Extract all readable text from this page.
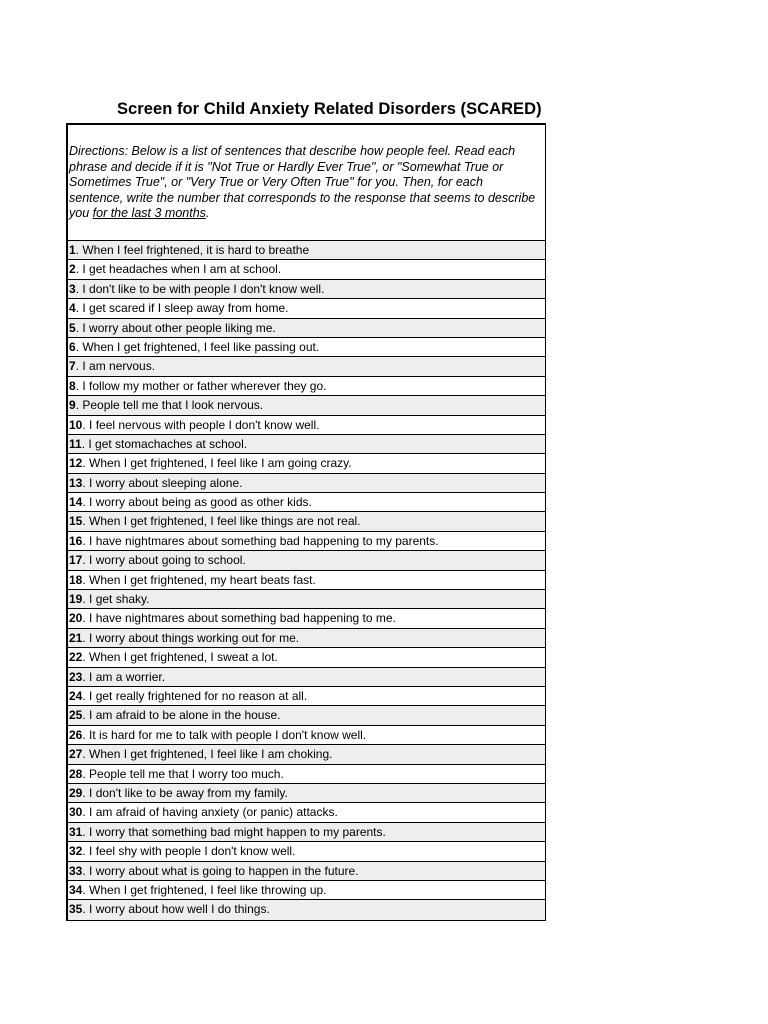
Screen for Child Anxiety Related Disorders (SCARED)
Directions: Below is a list of sentences that describe how people feel. Read each phrase and decide if it is "Not True or Hardly Ever True", or "Somewhat True or Sometimes True", or "Very True or Very Often True" for you. Then, for each sentence, write the number that corresponds to the response that seems to describe you for the last 3 months.
1. When I feel frightened, it is hard to breathe
2. I get headaches when I am at school.
3. I don't like to be with people I don't know well.
4. I get scared if I sleep away from home.
5. I worry about other people liking me.
6. When I get frightened, I feel like passing out.
7. I am nervous.
8. I follow my mother or father wherever they go.
9. People tell me that I look nervous.
10. I feel nervous with people I don't know well.
11. I get stomachaches at school.
12. When I get frightened, I feel like I am going crazy.
13. I worry about sleeping alone.
14. I worry about being as good as other kids.
15. When I get frightened, I feel like things are not real.
16. I have nightmares about something bad happening to my parents.
17. I worry about going to school.
18. When I get frightened, my heart beats fast.
19. I get shaky.
20. I have nightmares about something bad happening to me.
21. I worry about things working out for me.
22. When I get frightened, I sweat a lot.
23. I am a worrier.
24. I get really frightened for no reason at all.
25. I am afraid to be alone in the house.
26. It is hard for me to talk with people I don't know well.
27. When I get frightened, I feel like I am choking.
28. People tell me that I worry too much.
29. I don't like to be away from my family.
30. I am afraid of having anxiety (or panic) attacks.
31. I worry that something bad might happen to my parents.
32. I feel shy with people I don't know well.
33. I worry about what is going to happen in the future.
34. When I get frightened, I feel like throwing up.
35. I worry about how well I do things.
